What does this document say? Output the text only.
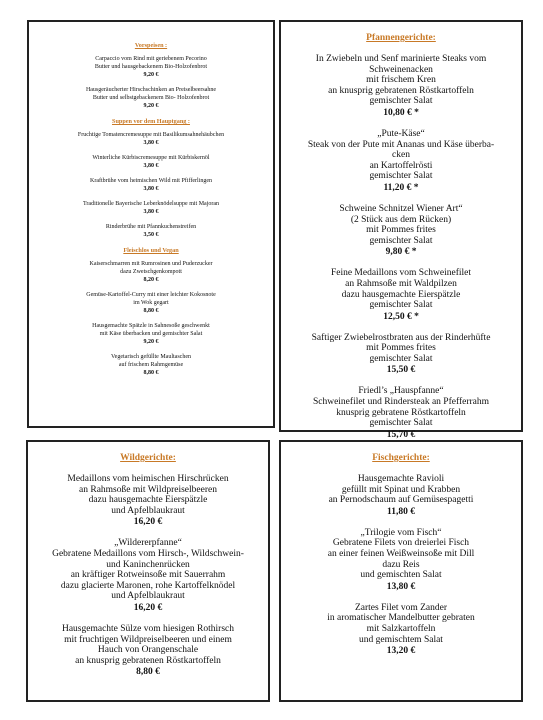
Vorspeisen :
Carpaccio vom Rind mit geriebenem Pecorino
Butter und hausgebackenem Bio-Holzofenbrot
9,20 €
Hausgeräucherter Hirschschinken an Preiselbeersahne
Butter und selbstgebackenem Bio- Holzofenbrot
9,20 €
Suppen vor dem Hauptgang :
Fruchtige Tomatencremesuppe mit Basilikumsahnehäubchen
3,80 €
Winterliche Kürbiscremesuppe mit Kürbiskernöl
3,80 €
Kraftbrühe vom heimischen Wild mit Pfifferlingen
3,80 €
Traditionelle Bayerische Leberknödelsuppe mit Majoran
3,80 €
Rinderbrühe mit Pfannkuchenstreifen
3,50 €
Fleischlos und Vegan
Kaiserschmarren mit Rumrosinen und Puderzucker
dazu Zwetschgenkompott
8,20 €
Gemüse-Kartoffel-Curry mit einer leichter Kokosnote
im Wok gegart
8,80 €
Hausgemachte Spätzle in Sahnesoße geschwenkt
mit Käse überbacken und gemischter Salat
9,20 €
Vegetarisch gefüllte Maultaschen
auf frischem Rahmgemüse
8,80 €
Pfannengerichte:
In Zwiebeln und Senf marinierte Steaks vom
Schweinenacken
mit frischem Kren
an knusprig gebratenen Röstkartoffeln
gemischter Salat
10,80 € *
„Pute-Käse“
Steak von der Pute mit Ananas und Käse überba-
cken
an Kartoffelrösti
gemischter Salat
11,20 € *
Schweine Schnitzel Wiener Art“
(2 Stück aus dem Rücken)
mit Pommes frites
gemischter Salat
9,80 € *
Feine Medaillons vom Schweinefilet
an Rahmsoße mit Waldpilzen
dazu hausgemachte Eierspätzle
gemischter Salat
12,50 € *
Saftiger Zwiebelrostbraten aus der Rinderhüfte
mit Pommes frites
gemischter Salat
15,50 €
Friedl’s „Hauspfanne“
Schweinefilet und Rindersteak an Pfefferrahm
knusprig gebratene Röstkartoffeln
gemischter Salat
15,70 €
Wildgerichte:
Medaillons vom heimischen Hirschrücken
an Rahmsoße mit Wildpreiselbeeren
dazu hausgemachte Eierspätzle
und Apfelblaukraut
16,20 €
„Wildererpfanne“
Gebratene Medaillons vom Hirsch-, Wildschwein-
und Kaninchenrücken
an kräftiger Rotweinsoße mit Sauerrahm
dazu glacierte Maronen, rohe Kartoffelknödel
und Apfelblaukraut
16,20 €
Hausgemachte Sülze vom hiesigen Rothirsch
mit fruchtigen Wildpreiselbeeren und einem
Hauch von Orangenschale
an knusprig gebratenen Röstkartoffeln
8,80 €
Fischgerichte:
Hausgemachte Ravioli
gefüllt mit Spinat und Krabben
an Pernodschaum auf Gemüsespagetti
11,80 €
„Trilogie vom Fisch“
Gebratene Filets von dreierlei Fisch
an einer feinen Weißweinsoße mit Dill
dazu Reis
und gemischten Salat
13,80 €
Zartes Filet vom Zander
in aromatischer Mandelbutter gebraten
mit Salzkartoffeln
und gemischtem Salat
13,20 €
